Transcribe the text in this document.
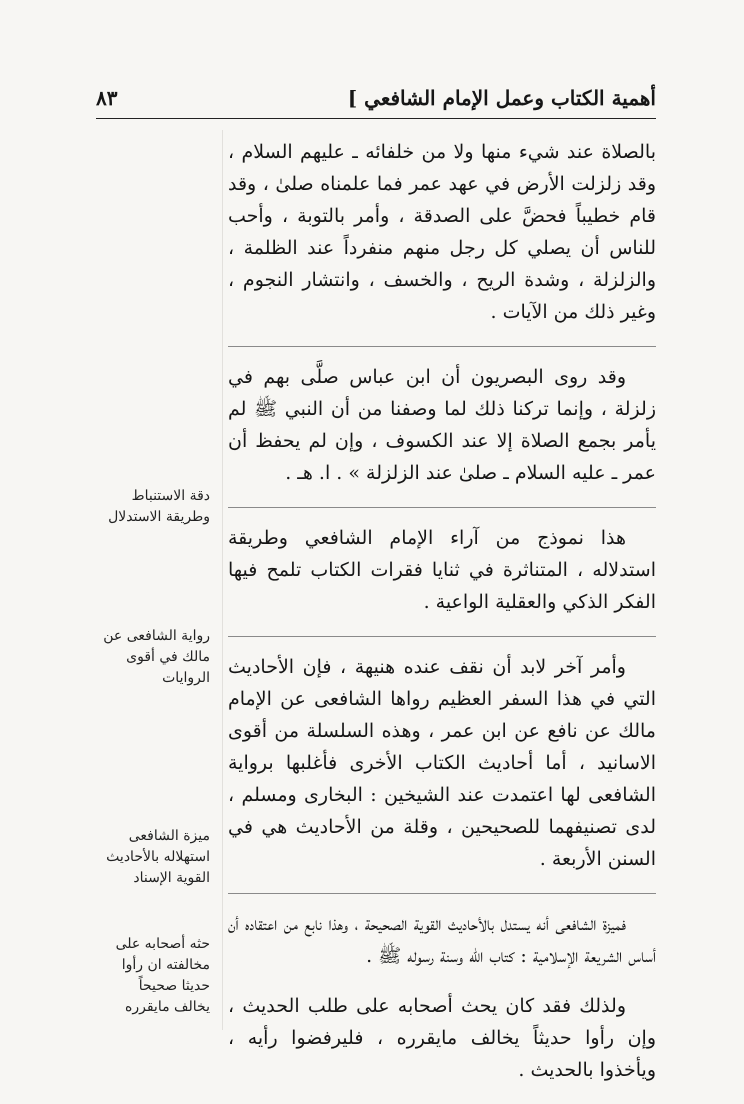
٨٣	أهمية الكتاب وعمل الإمام الشافعي ]

بالصلاة عند شيء منها ولا من خلفائه ـ عليهم السلام ، وقد زلزلت الأرض في عهد عمر فما علمناه صلىٰ ، وقد قام خطيباً فحضَّ على الصدقة ، وأمر بالتوبة ، وأحب للناس أن يصلي كل رجل منهم منفرداً عند الظلمة ، والزلزلة ، وشدة الريح ، والخسف ، وانتشار النجوم ، وغير ذلك من الآيات .

وقد روى البصريون أن ابن عباس صلَّى بهم في زلزلة ، وإنما تركنا ذلك لما وصفنا من أن النبي ﷺ لم يأمر بجمع الصلاة إلا عند الكسوف ، وإن لم يحفظ أن عمر ـ عليه السلام ـ صلىٰ عند الزلزلة » . ا. هـ .

هذا نموذج من آراء الإمام الشافعي وطريقة استدلاله ، المتناثرة في ثنايا فقرات الكتاب تلمح فيها الفكر الذكي والعقلية الواعية .

وأمر آخر لابد أن نقف عنده هنيهة ، فإن الأحاديث التي في هذا السفر العظيم رواها الشافعى عن الإمام مالك عن نافع عن ابن عمر ، وهذه السلسلة من أقوى الاسانيد ، أما أحاديث الكتاب الأخرى فأغلبها برواية الشافعى لها اعتمدت عند الشيخين : البخارى ومسلم ، لدى تصنيفهما للصحيحين ، وقلة من الأحاديث هي في السنن الأربعة .

فميزة الشافعى أنه يستدل بالأحاديث القوية الصحيحة ، وهذا نابع من اعتقاده أن أساس الشريعة الإسلامية : كتاب الله وسنة رسوله ﷺ .

ولذلك فقد كان يحث أصحابه على طلب الحديث ، وإن رأوا حديثاً يخالف مايقرره ، فليرفضوا رأيه ، ويأخذوا بالحديث .

دقة الاستنباط وطريقة الاستدلال
رواية الشافعى عن مالك في أقوى الروايات
ميزة الشافعى استهلاله بالأحاديث القوية الإسناد
حثه أصحابه على مخالفته ان رأوا حديثا صحيحاً يخالف مايقرره
